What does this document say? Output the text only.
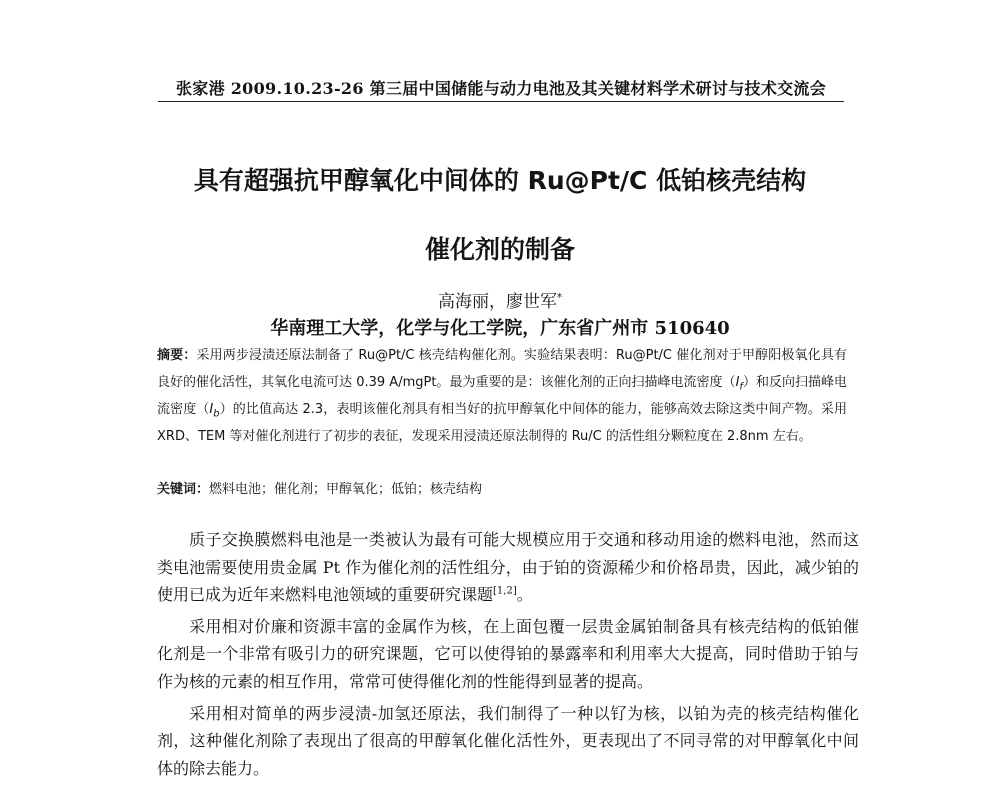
张家港 2009.10.23-26 第三届中国储能与动力电池及其关键材料学术研讨与技术交流会
具有超强抗甲醇氧化中间体的 Ru@Pt/C 低铂核壳结构
催化剂的制备
高海丽，廖世军*
华南理工大学，化学与化工学院，广东省广州市 510640
摘要：采用两步浸渍还原法制备了 Ru@Pt/C 核壳结构催化剂。实验结果表明：Ru@Pt/C 催化剂对于甲醇阳极氧化具有良好的催化活性，其氧化电流可达 0.39 A/mgPt。最为重要的是：该催化剂的正向扫描峰电流密度$(I_f)$和反向扫描峰电流密度$(I_b)$的比值高达 2.3，表明该催化剂具有相当好的抗甲醇氧化中间体的能力，能够高效去除这类中间产物。采用 XRD、TEM 等对催化剂进行了初步的表征，发现采用浸渍还原法制得的 Ru/C 的活性组分颗粒度在 2.8nm 左右。
关键词：燃料电池；催化剂；甲醇氧化；低铂；核壳结构

质子交换膜燃料电池是一类被认为最有可能大规模应用于交通和移动用途的燃料电池，然而这类电池需要使用贵金属 Pt 作为催化剂的活性组分，由于铂的资源稀少和价格昂贵，因此，减少铂的使用已成为近年来燃料电池领域的重要研究课题[1,2]。

采用相对价廉和资源丰富的金属作为核，在上面包覆一层贵金属铂制备具有核壳结构的低铂催化剂是一个非常有吸引力的研究课题，它可以使得铂的暴露率和利用率大大提高，同时借助于铂与作为核的元素的相互作用，常常可使得催化剂的性能得到显著的提高。

采用相对简单的两步浸渍-加氢还原法，我们制得了一种以钌为核，以铂为壳的核壳结构催化剂，这种催化剂除了表现出了很高的甲醇氧化催化活性外，更表现出了不同寻常的对甲醇氧化中间体的除去能力。
